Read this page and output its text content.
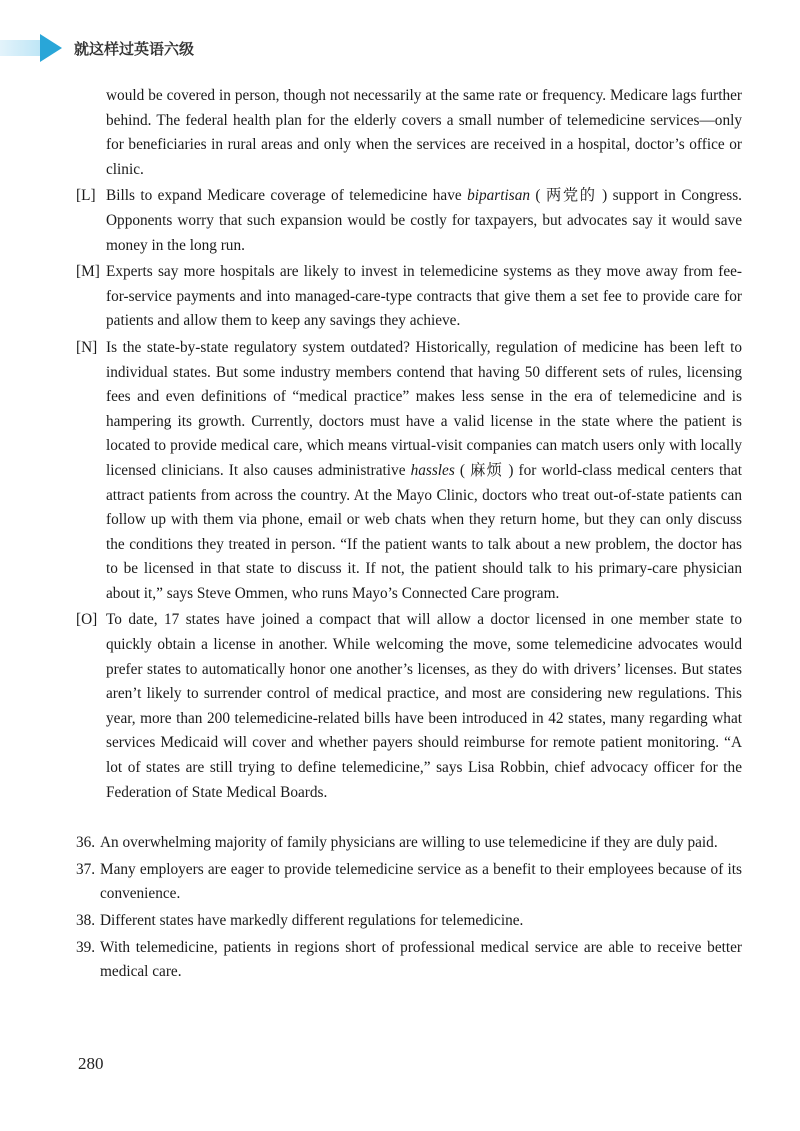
就这样过英语六级

would be covered in person, though not necessarily at the same rate or frequency. Medicare lags further behind. The federal health plan for the elderly covers a small number of telemedicine services—only for beneficiaries in rural areas and only when the services are received in a hospital, doctor’s office or clinic.

[L] Bills to expand Medicare coverage of telemedicine have bipartisan ( 两党的 ) support in Congress. Opponents worry that such expansion would be costly for taxpayers, but advocates say it would save money in the long run.

[M] Experts say more hospitals are likely to invest in telemedicine systems as they move away from fee-for-service payments and into managed-care-type contracts that give them a set fee to provide care for patients and allow them to keep any savings they achieve.

[N] Is the state-by-state regulatory system outdated? Historically, regulation of medicine has been left to individual states. But some industry members contend that having 50 different sets of rules, licensing fees and even definitions of “medical practice” makes less sense in the era of telemedicine and is hampering its growth. Currently, doctors must have a valid license in the state where the patient is located to provide medical care, which means virtual-visit companies can match users only with locally licensed clinicians. It also causes administrative hassles ( 麻烦 ) for world-class medical centers that attract patients from across the country. At the Mayo Clinic, doctors who treat out-of-state patients can follow up with them via phone, email or web chats when they return home, but they can only discuss the conditions they treated in person. “If the patient wants to talk about a new problem, the doctor has to be licensed in that state to discuss it. If not, the patient should talk to his primary-care physician about it,” says Steve Ommen, who runs Mayo’s Connected Care program.

[O] To date, 17 states have joined a compact that will allow a doctor licensed in one member state to quickly obtain a license in another. While welcoming the move, some telemedicine advocates would prefer states to automatically honor one another’s licenses, as they do with drivers’ licenses. But states aren’t likely to surrender control of medical practice, and most are considering new regulations. This year, more than 200 telemedicine-related bills have been introduced in 42 states, many regarding what services Medicaid will cover and whether payers should reimburse for remote patient monitoring. “A lot of states are still trying to define telemedicine,” says Lisa Robbin, chief advocacy officer for the Federation of State Medical Boards.

36. An overwhelming majority of family physicians are willing to use telemedicine if they are duly paid.

37. Many employers are eager to provide telemedicine service as a benefit to their employees because of its convenience.

38. Different states have markedly different regulations for telemedicine.

39. With telemedicine, patients in regions short of professional medical service are able to receive better medical care.

280
